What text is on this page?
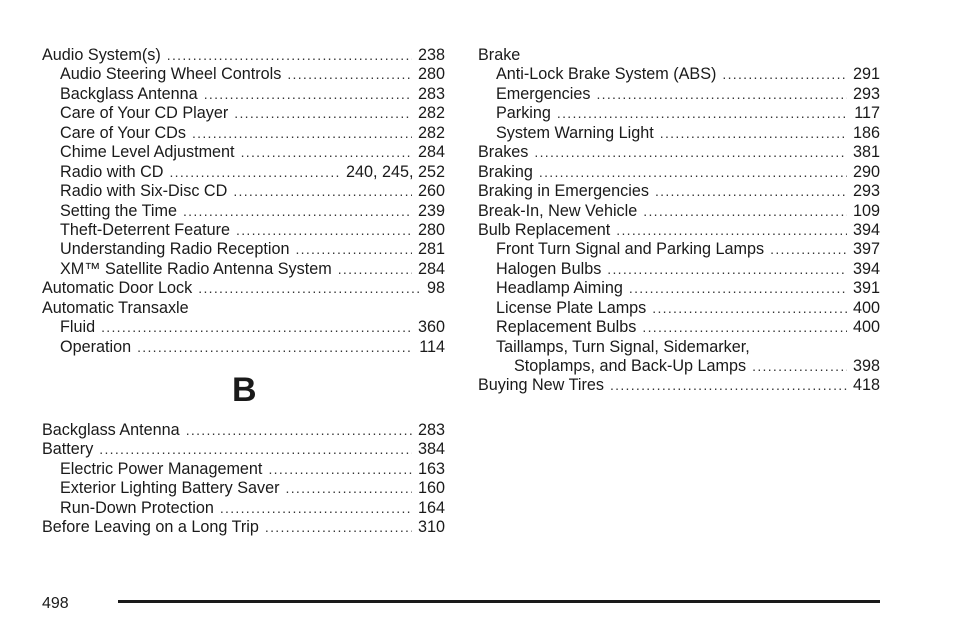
Audio System(s) .....	238
Audio Steering Wheel Controls .....	280
Backglass Antenna .....	283
Care of Your CD Player .....	282
Care of Your CDs .....	282
Chime Level Adjustment .....	284
Radio with CD .....	240, 245, 252
Radio with Six-Disc CD .....	260
Setting the Time .....	239
Theft-Deterrent Feature .....	280
Understanding Radio Reception .....	281
XM™ Satellite Radio Antenna System .....	284
Automatic Door Lock .....	98
Automatic Transaxle
Fluid .....	360
Operation .....	114
B
Backglass Antenna .....	283
Battery .....	384
Electric Power Management .....	163
Exterior Lighting Battery Saver .....	160
Run-Down Protection .....	164
Before Leaving on a Long Trip .....	310
Brake
Anti-Lock Brake System (ABS) .....	291
Emergencies .....	293
Parking .....	117
System Warning Light .....	186
Brakes .....	381
Braking .....	290
Braking in Emergencies .....	293
Break-In, New Vehicle .....	109
Bulb Replacement .....	394
Front Turn Signal and Parking Lamps .....	397
Halogen Bulbs .....	394
Headlamp Aiming .....	391
License Plate Lamps .....	400
Replacement Bulbs .....	400
Taillamps, Turn Signal, Sidemarker,
Stoplamps, and Back-Up Lamps .....	398
Buying New Tires .....	418
498
